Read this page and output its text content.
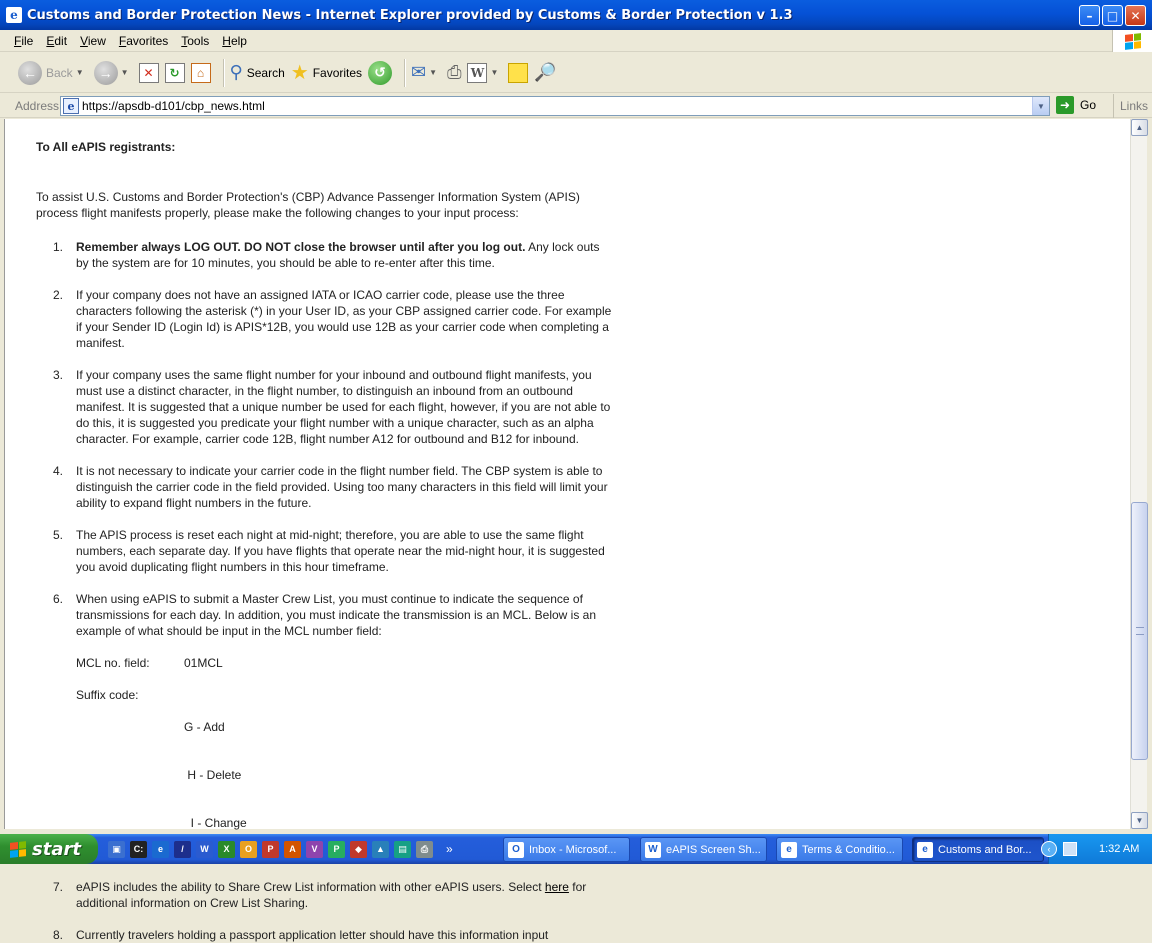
e Customs and Border Protection News - Internet Explorer provided by Customs & Border Protection v 1.3	–	□	✕
File Edit View Favorites Tools Help
← Back ▼	→	▼	✕	↻	⌂	⚲ Search ★ Favorites ↺	✉ ▼ ⎙ W ▼ 🔎
Address e https://apsdb-d101/cbp_news.html	▼	➜ Go	Links
To All eAPIS registrants:

To assist U.S. Customs and Border Protection's (CBP) Advance Passenger Information System (APIS) process flight manifests properly, please make the following changes to your input process:

1. Remember always LOG OUT. DO NOT close the browser until after you log out. Any lock outs by the system are for 10 minutes, you should be able to re-enter after this time.
2. If your company does not have an assigned IATA or ICAO carrier code, please use the three characters following the asterisk (*) in your User ID, as your CBP assigned carrier code. For example if your Sender ID (Login Id) is APIS*12B, you would use 12B as your carrier code when completing a manifest.
3. If your company uses the same flight number for your inbound and outbound flight manifests, you must use a distinct character, in the flight number, to distinguish an inbound from an outbound manifest. It is suggested that a unique number be used for each flight, however, if you are not able to do this, it is suggested you predicate your flight number with a unique character, such as an alpha character. For example, carrier code 12B, flight number A12 for outbound and B12 for inbound.
4. It is not necessary to indicate your carrier code in the flight number field. The CBP system is able to distinguish the carrier code in the field provided. Using too many characters in this field will limit your ability to expand flight numbers in the future.
5. The APIS process is reset each night at mid-night; therefore, you are able to use the same flight numbers, each separate day. If you have flights that operate near the mid-night hour, it is suggested you avoid duplicating flight numbers in this hour timeframe.
6. When using eAPIS to submit a Master Crew List, you must continue to indicate the sequence of transmissions for each day. In addition, you must indicate the transmission is an MCL. Below is an example of what should be input in the MCL number field:
MCL no. field:	01MCL
Suffix code:

G - Add

H - Delete

I - Change

7. eAPIS includes the ability to Share Crew List information with other eAPIS users. Select here for additional information on Crew List Sharing.
8. Currently travelers holding a passport application letter should have this information input
▲
▼
start	▣	C:	e	/	W	X	O	P	A	V	P	◆	▲	▤	⎙	»	O Inbox - Microsof...	W eAPIS Screen Sh...	e Terms & Conditio...	e Customs and Bor...	‹	1:32 AM
